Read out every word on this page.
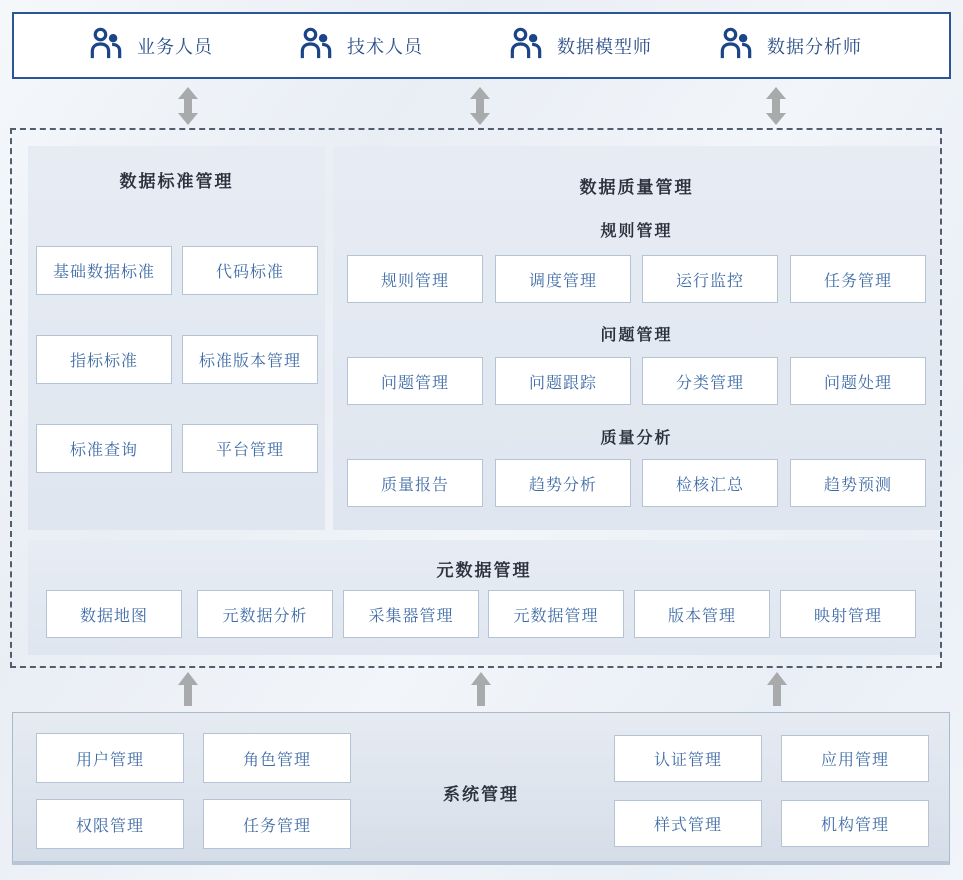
业务人员	技术人员	数据模型师	数据分析师
数据标准管理
基础数据标准	代码标准
指标标准	标准版本管理
标准查询	平台管理
数据质量管理
规则管理
规则管理	调度管理	运行监控	任务管理
问题管理
问题管理	问题跟踪	分类管理	问题处理
质量分析
质量报告	趋势分析	检核汇总	趋势预测
元数据管理
数据地图	元数据分析	采集器管理	元数据管理	版本管理	映射管理
系统管理
用户管理	角色管理
权限管理	任务管理
认证管理	应用管理
样式管理	机构管理
